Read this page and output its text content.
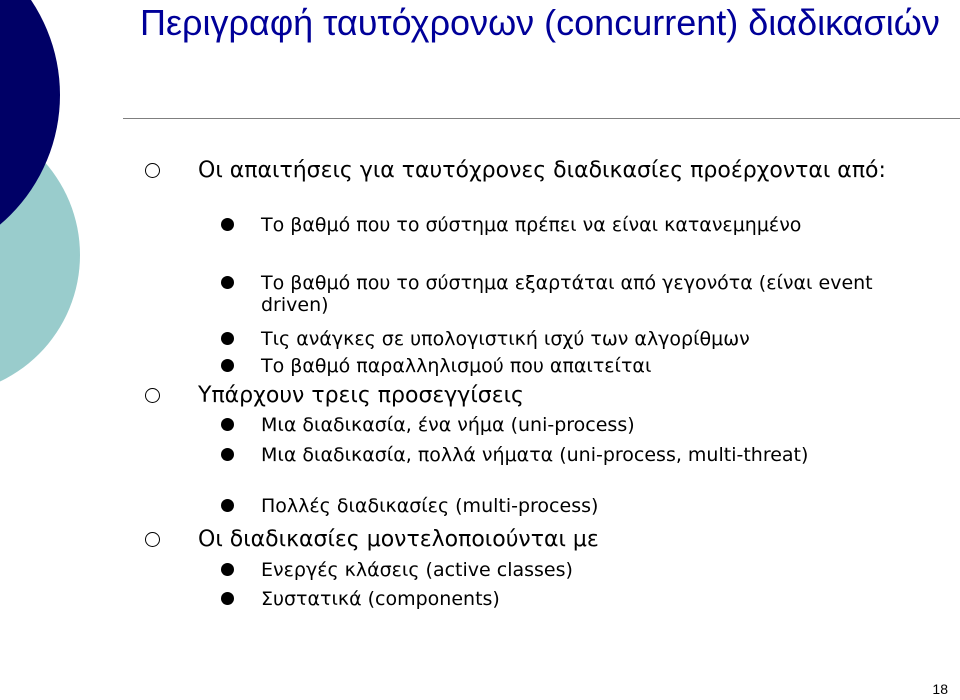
Περιγραφή ταυτόχρονων (concurrent) διαδικασιών
Οι απαιτήσεις για ταυτόχρονες διαδικασίες προέρχονται από:
Το βαθμό που το σύστημα πρέπει να είναι κατανεμημένο
Το βαθμό που το σύστημα εξαρτάται από γεγονότα (είναι event driven)
Τις ανάγκες σε υπολογιστική ισχύ των αλγορίθμων
Το βαθμό παραλληλισμού που απαιτείται
Υπάρχουν τρεις προσεγγίσεις
Μια διαδικασία, ένα νήμα (uni-process)
Μια διαδικασία, πολλά νήματα (uni-process, multi-threat)
Πολλές διαδικασίες (multi-process)
Οι διαδικασίες μοντελοποιούνται με
Ενεργές κλάσεις (active classes)
Συστατικά (components)
18
